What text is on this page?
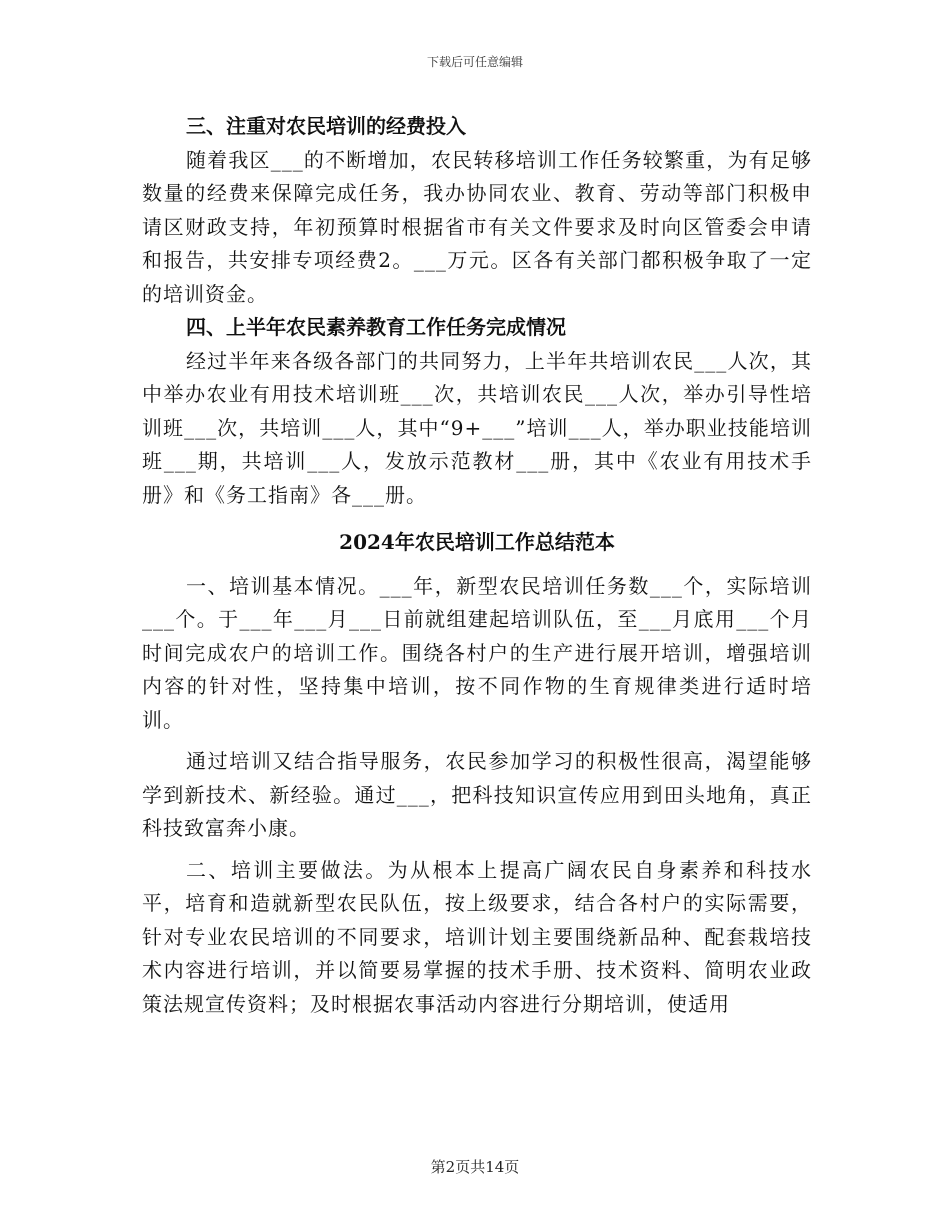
下载后可任意编辑

三、注重对农民培训的经费投入

随着我区___的不断增加，农民转移培训工作任务较繁重，为有足够数量的经费来保障完成任务，我办协同农业、教育、劳动等部门积极申请区财政支持，年初预算时根据省市有关文件要求及时向区管委会申请和报告，共安排专项经费2。___万元。区各有关部门都积极争取了一定的培训资金。

四、上半年农民素养教育工作任务完成情况

经过半年来各级各部门的共同努力，上半年共培训农民___人次，其中举办农业有用技术培训班___次，共培训农民___人次，举办引导性培训班___次，共培训___人，其中“9+___”培训___人，举办职业技能培训班___期，共培训___人，发放示范教材___册，其中《农业有用技术手册》和《务工指南》各___册。

2024年农民培训工作总结范本

一、培训基本情况。___年，新型农民培训任务数___个，实际培训___个。于___年___月___日前就组建起培训队伍，至___月底用___个月时间完成农户的培训工作。围绕各村户的生产进行展开培训，增强培训内容的针对性，坚持集中培训，按不同作物的生育规律类进行适时培训。

通过培训又结合指导服务，农民参加学习的积极性很高，渴望能够学到新技术、新经验。通过___，把科技知识宣传应用到田头地角，真正科技致富奔小康。

二、培训主要做法。为从根本上提高广阔农民自身素养和科技水平，培育和造就新型农民队伍，按上级要求，结合各村户的实际需要，针对专业农民培训的不同要求，培训计划主要围绕新品种、配套栽培技术内容进行培训，并以简要易掌握的技术手册、技术资料、简明农业政策法规宣传资料；及时根据农事活动内容进行分期培训，使适用

第2页共14页
